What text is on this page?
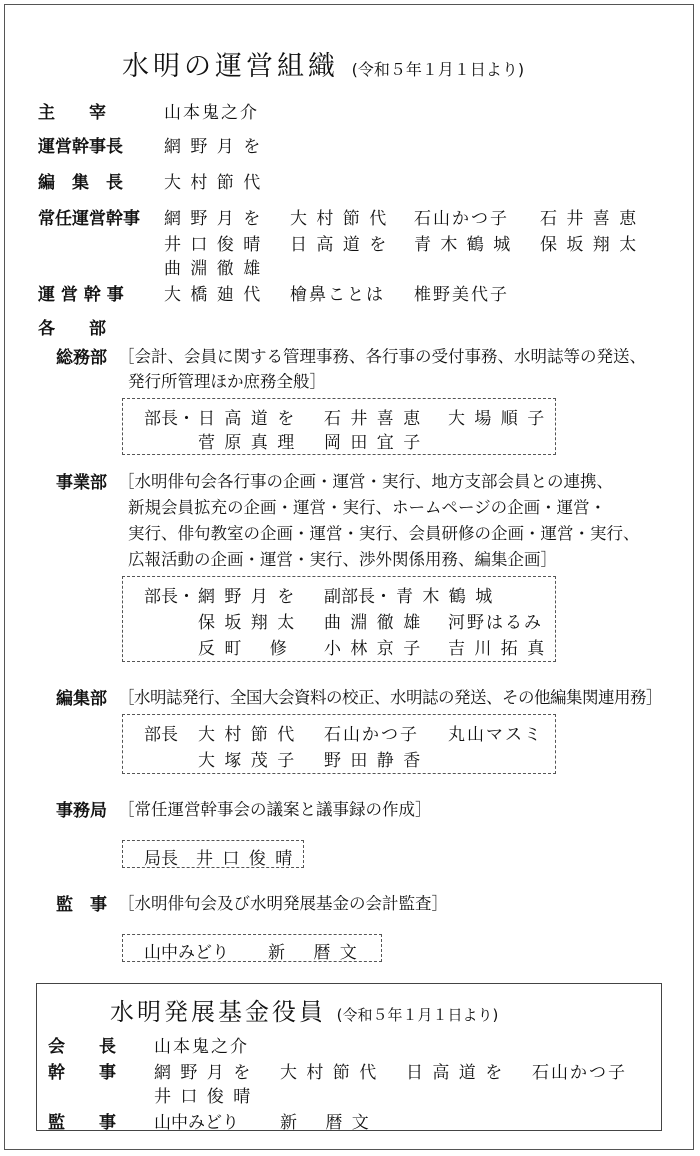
水明の運営組織 (令和５年１月１日より)
主　　宰	山本鬼之介
運営幹事長 網 野 月 を
編　集　長 大 村 節 代
常任運営幹事 網 野 月 を 大 村 節 代 石山かつ子 石 井 喜 恵
井 口 俊 晴 日 高 道 を 青 木 鶴 城 保 坂 翔 太
曲 淵 徹 雄
運 営 幹 事 大 橋 廸 代 檜鼻ことは 椎野美代子
各　　部
総務部 ［会計、会員に関する管理事務、各行事の受付事務、水明誌等の発送、
発行所管理ほか庶務全般］
部長・ 日 高 道 を 石 井 喜 恵 大 場 順 子
菅 原 真 理 岡 田 宜 子
事業部 ［水明俳句会各行事の企画・運営・実行、地方支部会員との連携、
新規会員拡充の企画・運営・実行、ホームページの企画・運営・
実行、俳句教室の企画・運営・実行、会員研修の企画・運営・実行、
広報活動の企画・運営・実行、渉外関係用務、編集企画］
部長・ 網 野 月 を 副部長・ 青 木 鶴 城
保 坂 翔 太 曲 淵 徹 雄 河野はるみ
反 町　 修 小 林 京 子 吉 川 拓 真
編集部 ［水明誌発行、全国大会資料の校正、水明誌の発送、その他編集関連用務］
部長 大 村 節 代 石山かつ子 丸山マスミ
大 塚 茂 子 野 田 静 香
事務局 ［常任運営幹事会の議案と議事録の作成］
局長 井 口 俊 晴
監　事 ［水明俳句会及び水明発展基金の会計監査］
山中みどり 新　 暦 文
水明発展基金役員 (令和５年１月１日より)
会　　長 山本鬼之介
幹　　事 網 野 月 を 大 村 節 代 日 高 道 を 石山かつ子
井 口 俊 晴
監　　事 山中みどり 新　 暦 文
